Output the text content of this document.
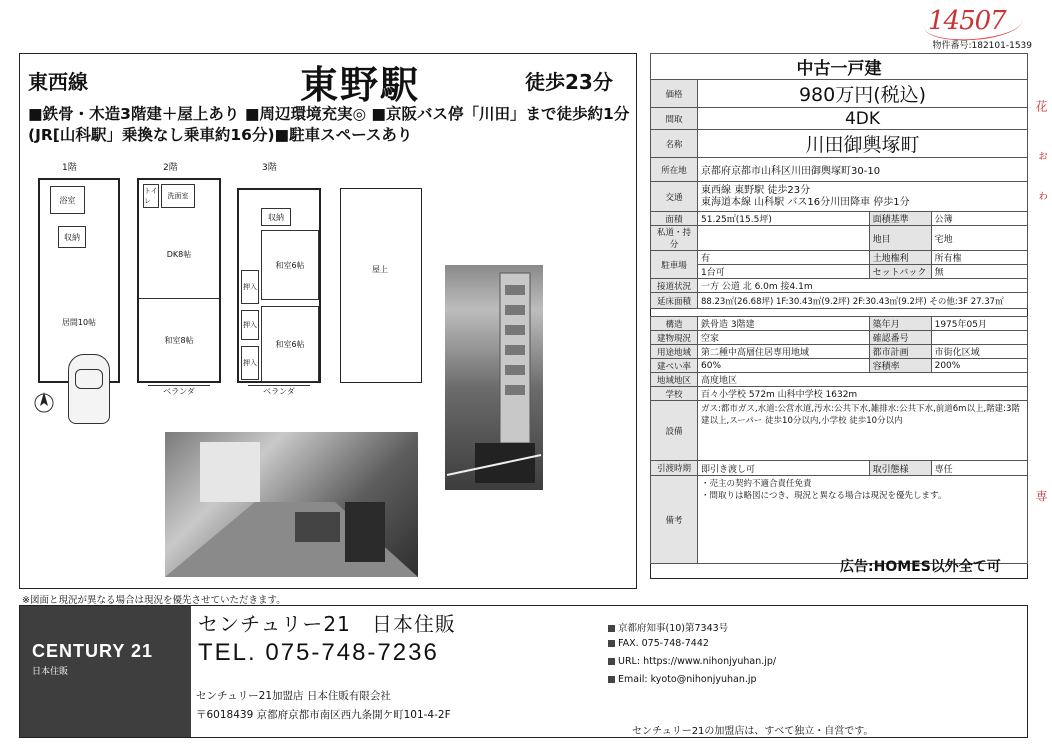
14507
物件番号:182101-1539
花
ぉ
ゎ
専
東西線	東野駅	徒歩23分
■鉄骨・木造3階建＋屋上あり ■周辺環境充実◎ ■京阪バス停「川田」まで徒歩約1分(JR[山科駅」乗換なし乗車約16分)■駐車スペースあり
1階	2階	3階
浴室
収納
居間10帖
トイレ
洗面室
DK8帖
和室8帖
ベランダ
収納
和室6帖
和室6帖
押入
押入
押入
ベランダ
屋上
中古一戸建			
価格	980万円(税込)		
間取	4DK		
名称	川田御輿塚町		
所在地	京都府京都市山科区川田御輿塚町30-10		
交通	東西線 東野駅 徒歩23分
東海道本線 山科駅 バス16分川田降車 停歩1分		

面積	51.25㎡(15.5坪)	面積基準	公簿
私道・持分		地目	宅地
駐車場	有	土地権利	所有権
	1台可	セットバック	無
接道状況	一方 公道 北 6.0m 接4.1m		
延床面積	88.23㎡(26.68坪) 1F:30.43㎡(9.2坪) 2F:30.43㎡(9.2坪) その他:3F 27.37㎡		

構造	鉄骨造 3階建	築年月	1975年05月
建物現況	空家	確認番号	
用途地域	第二種中高層住居専用地域	都市計画	市街化区域
建ぺい率	60%	容積率	200%
地域地区	高度地区		
学校	百々小学校 572m 山科中学校 1632m		
設備	ガス:都市ガス,水道:公営水道,汚水:公共下水,雑排水:公共下水,前道6m以上,階建:3階建以上,スーパー 徒歩10分以内,小学校 徒歩10分以内		
引渡時期	即引き渡し可	取引態様	専任
備考	・売主の契約不適合責任免責
・間取りは略図につき、現況と異なる場合は現況を優先します。		
広告:HOMES以外全て可
※図面と現況が異なる場合は現況を優先させていただきます。
CENTURY 21
日本住販
センチュリー21　日本住販
TEL. 075-748-7236
センチュリー21加盟店 日本住販有限会社
〒6018439 京都府京都市南区西九条開ケ町101-4-2F
京都府知事(10)第7343号
FAX. 075-748-7442
URL: https://www.nihonjyuhan.jp/
Email: kyoto@nihonjyuhan.jp
センチュリー21の加盟店は、すべて独立・自営です。
